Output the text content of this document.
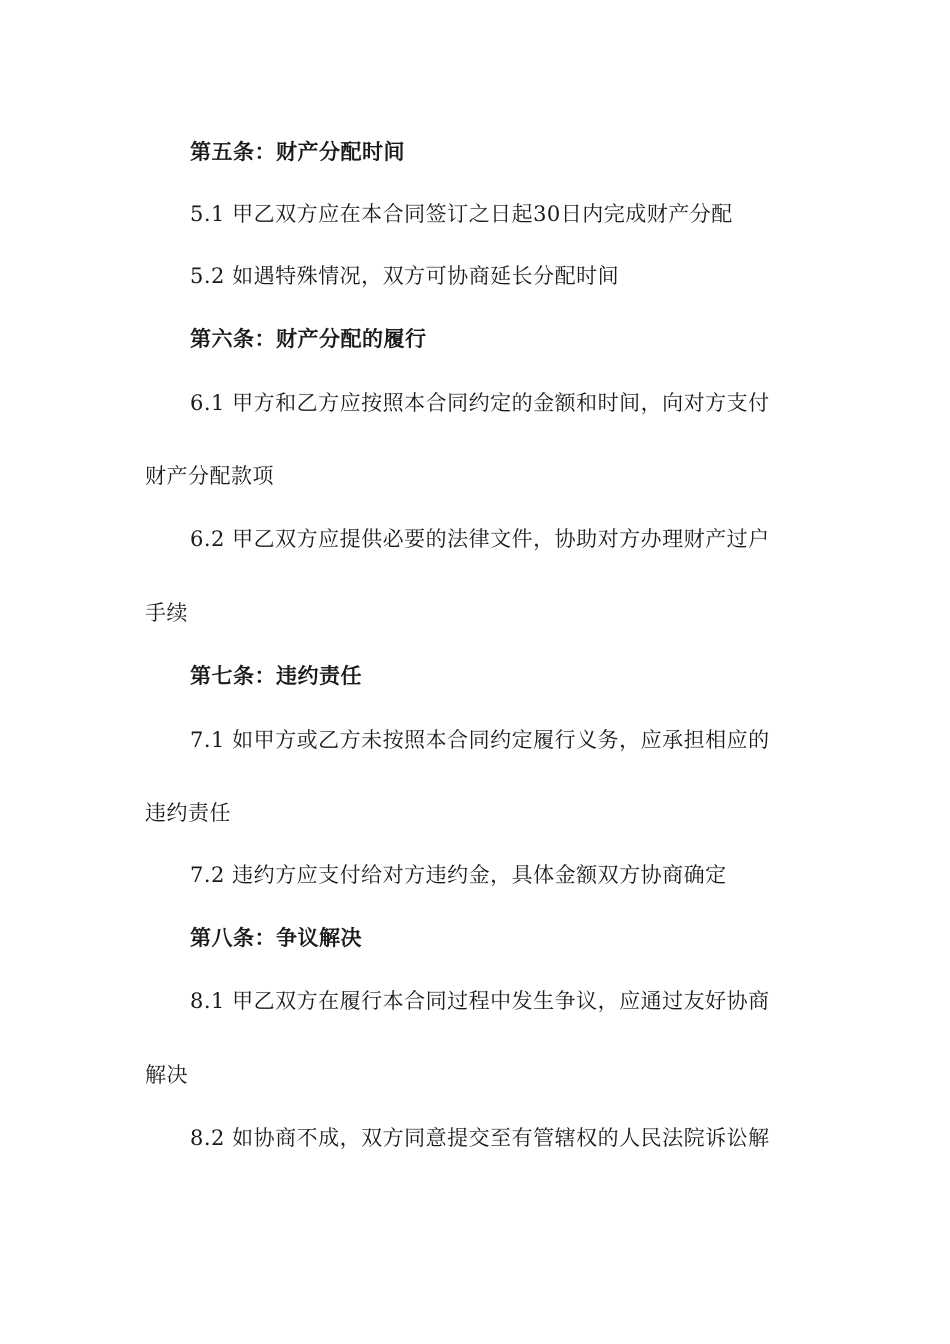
第五条：财产分配时间
5.1 甲乙双方应在本合同签订之日起30日内完成财产分配
5.2 如遇特殊情况，双方可协商延长分配时间
第六条：财产分配的履行
6.1 甲方和乙方应按照本合同约定的金额和时间，向对方支付
财产分配款项
6.2 甲乙双方应提供必要的法律文件，协助对方办理财产过户
手续
第七条：违约责任
7.1 如甲方或乙方未按照本合同约定履行义务，应承担相应的
违约责任
7.2 违约方应支付给对方违约金，具体金额双方协商确定
第八条：争议解决
8.1 甲乙双方在履行本合同过程中发生争议，应通过友好协商
解决
8.2 如协商不成，双方同意提交至有管辖权的人民法院诉讼解
